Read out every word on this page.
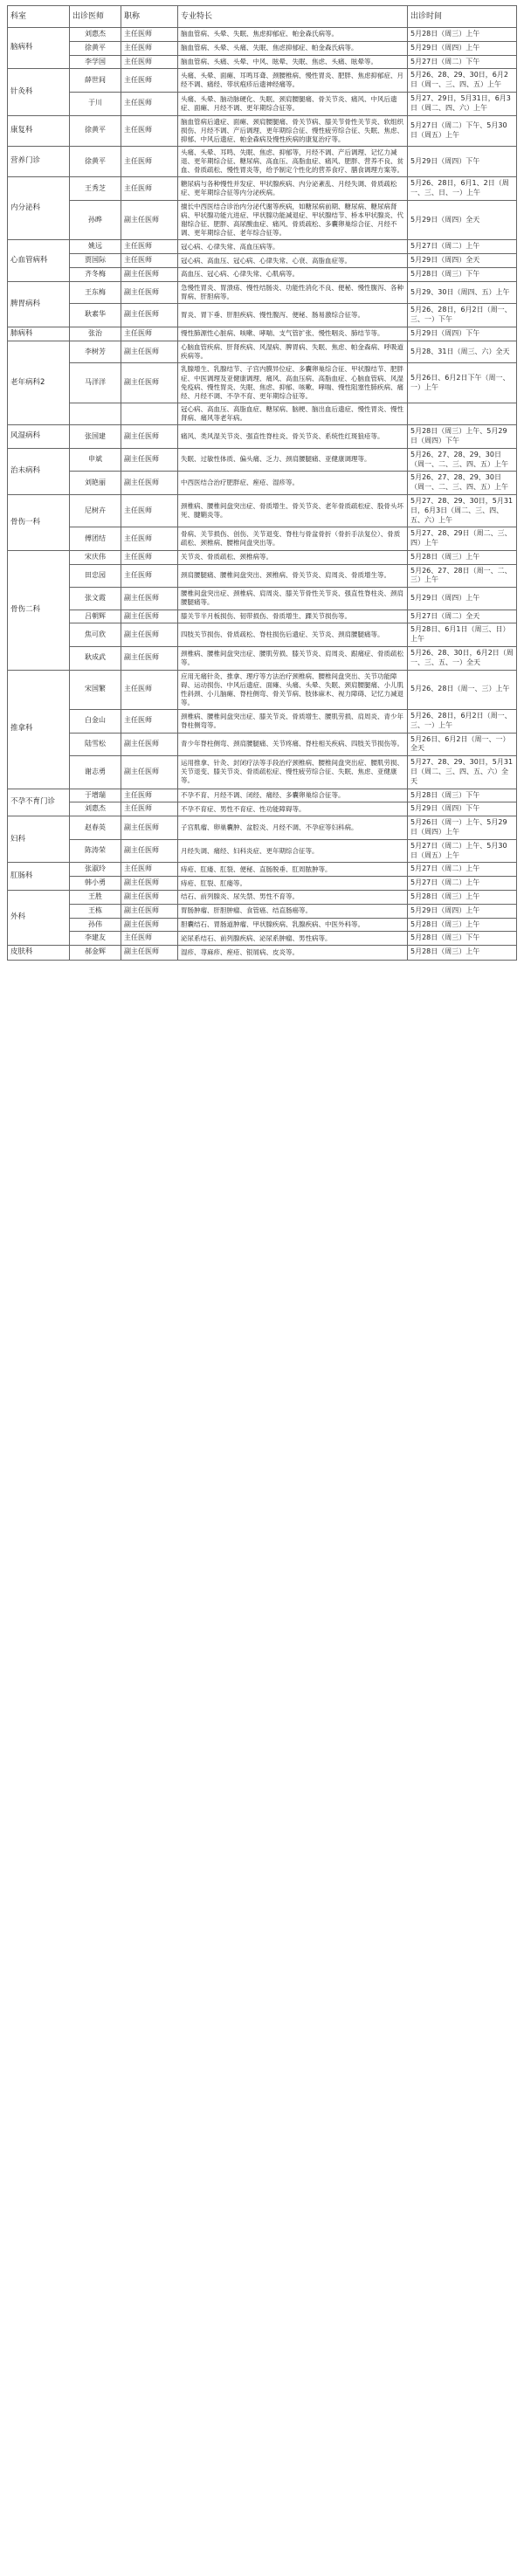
科室	出诊医师	职称	专业特长	出诊时间
脑病科	刘惠杰	主任医师	脑血管病、头晕、失眠、焦虑抑郁症、帕金森氏病等。	5月28日（周三）上午
	徐黄平	主任医师	脑血管病、头晕、头痛、失眠、焦虑抑郁症、帕金森氏病等。	5月29日（周四）上午
	李学国	主任医师	脑血管病、头痛、头晕、中风、眩晕、失眠、焦虑、头痛、眩晕等。	5月27日（周二）下午
针灸科	薛世间	主任医师	头痛、头晕、面瘫、耳鸣耳聋、颈腰椎病、慢性胃炎、肥胖、焦虑抑郁症、月经不调、痛经、带状疱疹后遗神经痛等。	5月26、28、29、30日，6月2日（周一、三、四、五）上午
	于川	主任医师	头痛、头晕、脑动脉硬化、失眠、颈肩腰腿痛、骨关节炎、痛风、中风后遗症、面瘫、月经不调、更年期综合征等。	5月27、29日，5月31日，6月3日（周二、四、六）上午
康复科	徐黄平	主任医师	脑血管病后遗症、面瘫、颈肩腰腿痛、骨关节病、膝关节骨性关节炎、软组织损伤、月经不调、产后调理、更年期综合征、慢性疲劳综合征、失眠、焦虑、抑郁、中风后遗症、帕金森病及慢性疾病的康复治疗等。	5月27日（周二）下午、5月30日（周五）上午
营养门诊	徐黄平	主任医师	头痛、头晕、耳鸣、失眠、焦虑、抑郁等，月经不调、产后调理、记忆力减退、更年期综合征、糖尿病、高血压、高脂血症、痛风、肥胖、营养不良、贫血、骨质疏松、慢性胃炎等，给予制定个性化的营养食疗、膳食调理方案等。	5月29日（周四）下午
内分泌科	王秀芝	主任医师	糖尿病与各种慢性并发症、甲状腺疾病、内分泌紊乱、月经失调、骨质疏松症、更年期综合征等内分泌疾病。	5月26、28日，6月1、2日（周一、三、日、一）上午
	孙晔	副主任医师	擅长中西医结合诊治内分泌代谢等疾病，如糖尿病前期、糖尿病、糖尿病肾病、甲状腺功能亢进症、甲状腺功能减退症、甲状腺结节、桥本甲状腺炎、代谢综合征、肥胖、高尿酸血症、痛风、骨质疏松、多囊卵巢综合征、月经不调、更年期综合征、老年综合征等。	5月29日（周四）全天
心血管病科	姚远	主任医师	冠心病、心律失常、高血压病等。	5月27日（周二）上午
	贾国际	主任医师	冠心病、高血压、冠心病、心律失常、心衰、高脂血症等。	5月29日（周四）全天
	齐冬梅	副主任医师	高血压、冠心病、心律失常、心肌病等。	5月28日（周三）下午
脾胃病科	王东梅	副主任医师	急慢性胃炎、胃溃疡、慢性结肠炎、功能性消化不良、便秘、慢性腹泻、各种胃病、肝胆病等。	5月29、30日（周四、五）上午
	耿素华	副主任医师	胃炎、胃下垂、肝胆疾病、慢性腹泻、便秘、肠易激综合征等。	5月26、28日，6月2日（周一、三、一）下午
肺病科	张治	主任医师	慢性肺源性心脏病、咳嗽、哮喘、支气管扩张、慢性咽炎、肺结节等。	5月29日（周四）下午
老年病科2	李树芳	副主任医师	心脑血管疾病、肝肾疾病、风湿病、脾胃病、失眠、焦虑、帕金森病、呼吸道疾病等。	5月28、31日（周三、六）全天
	马洋洋	副主任医师	乳腺增生、乳腺结节、子宫内膜异位症、多囊卵巢综合征、甲状腺结节、肥胖症、中医调理及亚健康调理、痛风、高血压病、高脂血症、心脑血管病、风湿免疫病、慢性胃炎、失眠、焦虑、抑郁、咳嗽、哮喘、慢性阻塞性肺疾病、痛经、月经不调、不孕不育、更年期综合征等。	5月26日、6月2日下午（周一、一）上午
			冠心病、高血压、高脂血症、糖尿病、脑梗、脑出血后遗症、慢性胃炎、慢性肾病、痛风等老年病。	
风湿病科	张国建	副主任医师	痛风、类风湿关节炎、强直性脊柱炎、骨关节炎、系统性红斑狼疮等。	5月28日（周三）上午、5月29日（周四）下午
治未病科	申斌	副主任医师	失眠、过敏性体质、偏头痛、乏力、颈肩腰腿痛、亚健康调理等。	5月26、27、28、29、30日（周一、二、三、四、五）上午
	刘艳丽	副主任医师	中西医结合治疗肥胖症、痤疮、湿疹等。	5月26、27、28、29、30日（周一、二、三、四、五）上午
骨伤一科	尼树卉	主任医师	颈椎病、腰椎间盘突出症、骨质增生、骨关节炎、老年骨质疏松症、股骨头坏死、腱鞘炎等。	5月27、28、29、30日，5月31日，6月3日（周二、三、四、五、六）上午
	傅团结	主任医师	骨病、关节损伤、创伤、关节退变、脊柱与骨盆骨折（骨折手法复位）、骨质疏松、颈椎病、腰椎间盘突出等。	5月27、28、29日（周二、三、四）上午
骨伤二科	宋庆伟	主任医师	关节炎、骨质疏松、颈椎病等。	5月28日（周三）上午
	田忠园	主任医师	颈肩腰腿痛、腰椎间盘突出、颈椎病、骨关节炎、肩周炎、骨质增生等。	5月26、27、28日（周一、二、三）上午
	张文霞	副主任医师	腰椎间盘突出症、颈椎病、肩周炎、膝关节骨性关节炎、强直性脊柱炎、颈肩腰腿痛等。	5月29日（周四）上午
	吕朝辉	副主任医师	膝关节半月板损伤、韧带损伤、骨质增生、踝关节损伤等。	5月27日（周二）全天
	焦可欣	副主任医师	四肢关节损伤、骨质疏松、脊柱损伤后遗症、关节炎、颈肩腰腿痛等。	5月28日、6月1日（周三、日）上午
	耿成武	副主任医师	颈椎病、腰椎间盘突出症、腰肌劳损、膝关节炎、肩周炎、跟痛症、骨质疏松等。	5月26、28、30日，6月2日（周一、三、五、一）全天
推拿科	宋国繁	主任医师	应用无痛针灸、推拿、理疗等方法治疗颈椎病、腰椎间盘突出、关节功能障碍、运动损伤、中风后遗症、面瘫、头痛、头晕、失眠、颈肩腰腿痛、小儿肌性斜颈、小儿脑瘫、脊柱侧弯、骨关节病、肢体麻木、视力障碍、记忆力减退等。	5月26、28日（周一、三）上午
	白金山	主任医师	颈椎病、腰椎间盘突出症、膝关节炎、骨质增生、腰肌劳损、肩周炎、青少年脊柱侧弯等。	5月26、28日，6月2日（周一、三、一）上午
	陆雪松	副主任医师	青少年脊柱侧弯、颈肩腰腿痛、关节疼痛、脊柱相关疾病、四肢关节损伤等。	5月26日、6月2日（周一、一）全天
	谢志勇	副主任医师	运用推拿、针灸、封闭疗法等手段治疗颈椎病、腰椎间盘突出症、腰肌劳损、关节退变、膝关节炎、骨质疏松症、慢性疲劳综合征、失眠、焦虑、亚健康等。	5月27、28、29、30日，5月31日（周二、三、四、五、六）全天
不孕不育门诊	于增瑞	主任医师	不孕不育、月经不调、闭经、痛经、多囊卵巢综合征等。	5月28日（周三）下午
	刘惠杰	主任医师	不孕不育症、男性不育症、性功能障碍等。	5月29日（周四）下午
妇科	赵春英	副主任医师	子宫肌瘤、卵巢囊肿、盆腔炎、月经不调、不孕症等妇科病。	5月26日（周一）上午、5月29日（周四）上午
	陈涛荣	副主任医师	月经失调、痛经、妇科炎症、更年期综合征等。	5月27日（周二）上午、5月30日（周五）上午
肛肠科	张淑玲	主任医师	痔疮、肛瘘、肛裂、便秘、直肠脱垂、肛周脓肿等。	5月27日（周二）上午
	韩小勇	副主任医师	痔疮、肛裂、肛瘘等。	5月27日（周二）上午
外科	王胜	副主任医师	结石、前列腺炎、尿失禁、男性不育等。	5月28日（周三）上午
	王栋	副主任医师	胃肠肿瘤、肝胆肿瘤、食管癌、结直肠癌等。	5月29日（周四）上午
	孙伟	副主任医师	胆囊结石、胃肠道肿瘤、甲状腺疾病、乳腺疾病、中医外科等。	5月28日（周三）上午
	李建友	主任医师	泌尿系结石、前列腺疾病、泌尿系肿瘤、男性病等。	5月28日（周三）下午
皮肤科	郝金辉	副主任医师	湿疹、荨麻疹、痤疮、银屑病、皮炎等。	5月28日（周三）上午
